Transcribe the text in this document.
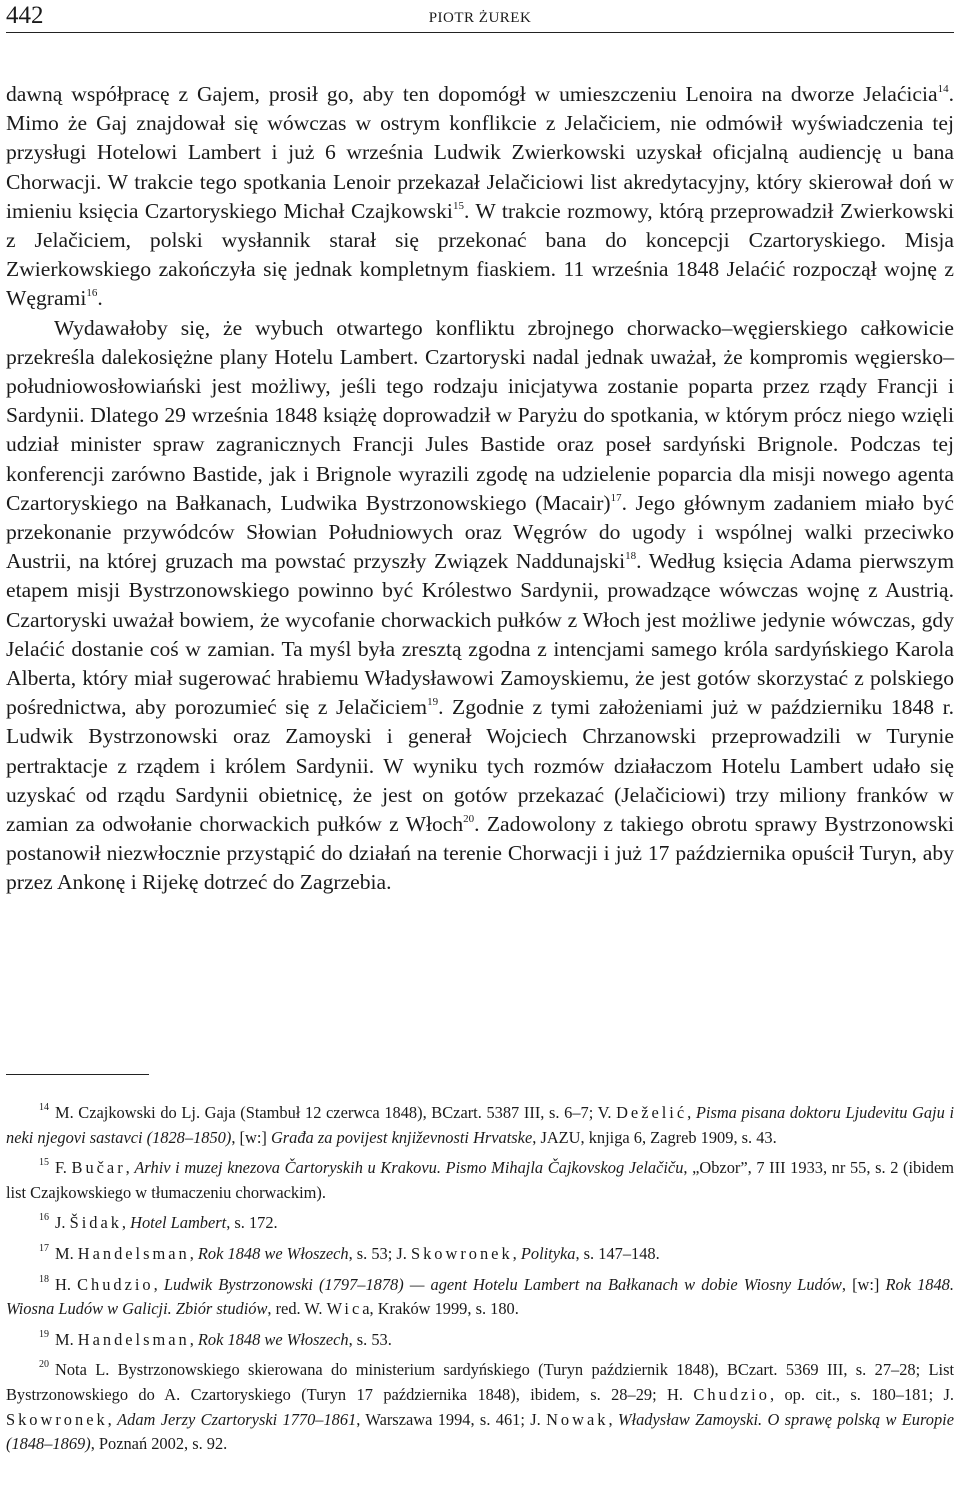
442	PIOTR ŻUREK

dawną współpracę z Gajem, prosił go, aby ten dopomógł w umieszczeniu Lenoira na dworze Jelaćicia$^{14}$. Mimo że Gaj znajdował się wówczas w ostrym konflikcie z Jelačiciem, nie odmówił wyświadczenia tej przysługi Hotelowi Lambert i już 6 września Ludwik Zwierkowski uzyskał oficjalną audiencję u bana Chorwacji. W trakcie tego spotkania Lenoir przekazał Jelačiciowi list akredytacyjny, który skierował doń w imieniu księcia Czartoryskiego Michał Czajkowski$^{15}$. W trakcie rozmowy, którą przeprowadził Zwierkowski z Jelačiciem, polski wysłannik starał się przekonać bana do koncepcji Czartoryskiego. Misja Zwierkowskiego zakończyła się jednak kompletnym fiaskiem. 11 września 1848 Jelaćić rozpoczął wojnę z Węgrami$^{16}$.

Wydawałoby się, że wybuch otwartego konfliktu zbrojnego chorwacko–węgierskiego całkowicie przekreśla dalekosiężne plany Hotelu Lambert. Czartoryski nadal jednak uważał, że kompromis węgiersko–południowosłowiański jest możliwy, jeśli tego rodzaju inicjatywa zostanie poparta przez rządy Francji i Sardynii. Dlatego 29 września 1848 książę doprowadził w Paryżu do spotkania, w którym prócz niego wzięli udział minister spraw zagranicznych Francji Jules Bastide oraz poseł sardyński Brignole. Podczas tej konferencji zarówno Bastide, jak i Brignole wyrazili zgodę na udzielenie poparcia dla misji nowego agenta Czartoryskiego na Bałkanach, Ludwika Bystrzonowskiego (Macair)$^{17}$. Jego głównym zadaniem miało być przekonanie przywódców Słowian Południowych oraz Węgrów do ugody i wspólnej walki przeciwko Austrii, na której gruzach ma powstać przyszły Związek Naddunajski$^{18}$. Według księcia Adama pierwszym etapem misji Bystrzonowskiego powinno być Królestwo Sardynii, prowadzące wówczas wojnę z Austrią. Czartoryski uważał bowiem, że wycofanie chorwackich pułków z Włoch jest możliwe jedynie wówczas, gdy Jelaćić dostanie coś w zamian. Ta myśl była zresztą zgodna z intencjami samego króla sardyńskiego Karola Alberta, który miał sugerować hrabiemu Władysławowi Zamoyskiemu, że jest gotów skorzystać z polskiego pośrednictwa, aby porozumieć się z Jelačiciem$^{19}$. Zgodnie z tymi założeniami już w październiku 1848 r. Ludwik Bystrzonowski oraz Zamoyski i generał Wojciech Chrzanowski przeprowadzili w Turynie pertraktacje z rządem i królem Sardynii. W wyniku tych rozmów działaczom Hotelu Lambert udało się uzyskać od rządu Sardynii obietnicę, że jest on gotów przekazać (Jelačiciowi) trzy miliony franków w zamian za odwołanie chorwackich pułków z Włoch$^{20}$. Zadowolony z takiego obrotu sprawy Bystrzonowski postanowił niezwłocznie przystąpić do działań na terenie Chorwacji i już 17 października opuścił Turyn, aby przez Ankonę i Rijekę dotrzeć do Zagrzebia.

$^{14}$ M. Czajkowski do Lj. Gaja (Stambuł 12 czerwca 1848), BCzart. 5387 III, s. 6–7; V. Deželić, Pisma pisana doktoru Ljudevitu Gaju i neki njegovi sastavci (1828–1850), [w:] Građa za povijest književnosti Hrvatske, JAZU, knjiga 6, Zagreb 1909, s. 43.

$^{15}$ F. Bučar, Arhiv i muzej knezova Čartoryskih u Krakovu. Pismo Mihajla Čajkovskog Jelačiču, „Obzor”, 7 III 1933, nr 55, s. 2 (ibidem list Czajkowskiego w tłumaczeniu chorwackim).

$^{16}$ J. Šidak, Hotel Lambert, s. 172.

$^{17}$ M. Handelsman, Rok 1848 we Włoszech, s. 53; J. Skowronek, Polityka, s. 147–148.

$^{18}$ H. Chudzio, Ludwik Bystrzonowski (1797–1878) — agent Hotelu Lambert na Bałkanach w dobie Wiosny Ludów, [w:] Rok 1848. Wiosna Ludów w Galicji. Zbiór studiów, red. W. Wica, Kraków 1999, s. 180.

$^{19}$ M. Handelsman, Rok 1848 we Włoszech, s. 53.

$^{20}$ Nota L. Bystrzonowskiego skierowana do ministerium sardyńskiego (Turyn październik 1848), BCzart. 5369 III, s. 27–28; List Bystrzonowskiego do A. Czartoryskiego (Turyn 17 października 1848), ibidem, s. 28–29; H. Chudzio, op. cit., s. 180–181; J. Skowronek, Adam Jerzy Czartoryski 1770–1861, Warszawa 1994, s. 461; J. Nowak, Władysław Zamoyski. O sprawę polską w Europie (1848–1869), Poznań 2002, s. 92.
